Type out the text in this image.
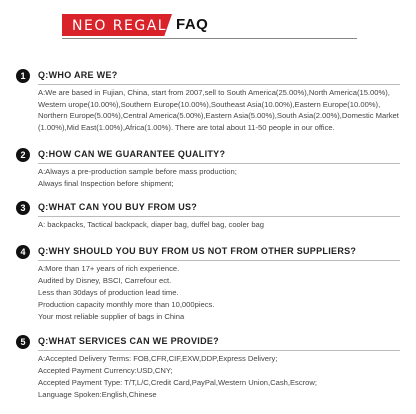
NEO REGAL FAQ
1	Q:WHO ARE WE?
A:We are based in Fujian, China, start from 2007,sell to South America(25.00%),North America(15.00%),
Western urope(10.00%),Southern Europe(10.00%),Southeast Asia(10.00%),Eastern Europe(10.00%),
Northern Europe(5.00%),Central America(5.00%),Eastern Asia(5.00%),South Asia(2.00%),Domestic Market
(1.00%),Mid East(1.00%),Africa(1.00%). There are total about 11-50 people in our office.
2	Q:HOW CAN WE GUARANTEE QUALITY?
A:Always a pre-production sample before mass production;
Always final Inspection before shipment;
3	Q:WHAT CAN YOU BUY FROM US?
A: backpacks, Tactical backpack, diaper bag, duffel bag, cooler bag
4	Q:WHY SHOULD YOU BUY FROM US NOT FROM OTHER SUPPLIERS?
A:More than 17+ years of rich experience.
Audited by Disney, BSCI, Carrefour ect.
Less than 30days of production lead time.
Production capacity monthly more than 10,000piecs.
Your most reliable supplier of bags in China
5	Q:WHAT SERVICES CAN WE PROVIDE?
A:Accepted Delivery Terms: FOB,CFR,CIF,EXW,DDP,Express Delivery;
Accepted Payment Currency:USD,CNY;
Accepted Payment Type: T/T,L/C,Credit Card,PayPal,Western Union,Cash,Escrow;
Language Spoken:English,Chinese
